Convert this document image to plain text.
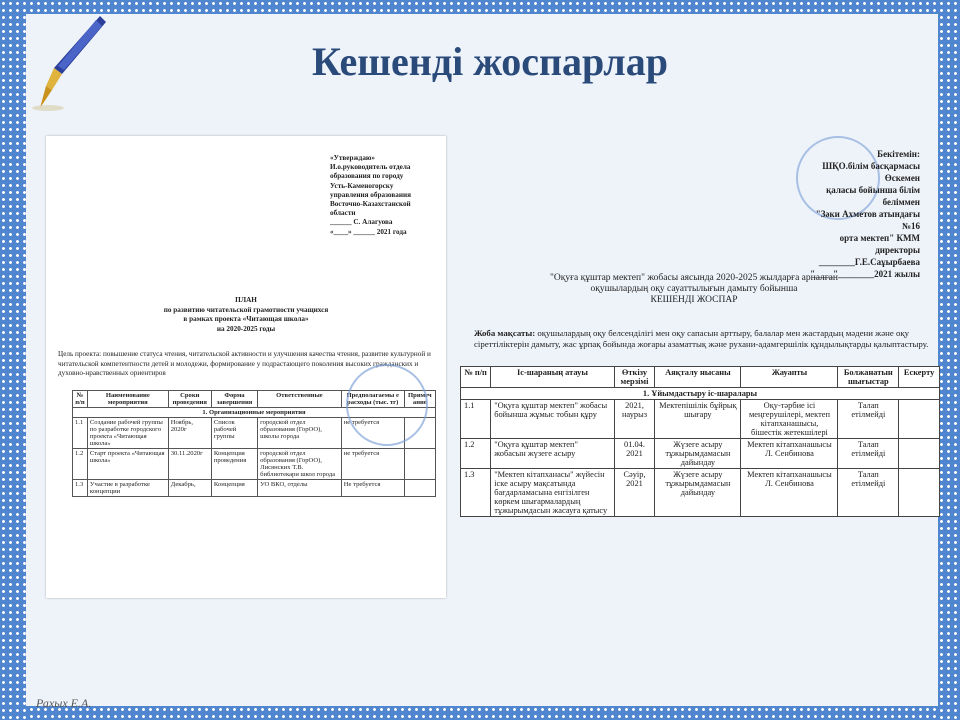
Кешенді жоспарлар
«Утверждаю»
И.о.руководитель отдела
образования по городу
Усть-Каменогорску
управления образования
Восточно-Казахстанской
области
______ С. Алагуова
«____» ______ 2021 года
ПЛАН
по развитию читательской грамотности учащихся
в рамках проекта «Читающая школа»
на 2020-2025 годы
Цель проекта: повышение статуса чтения, читательской активности и улучшения качества чтения, развитие культурной и читательской компетентности детей и молодежи, формирование у подрастающего поколения высоких гражданских и духовно-нравственных ориентиров
№ п/п	Наименование мероприятия	Сроки проведения	Форма завершения	Ответственные	Предполагаемы е расходы (тыс. тг)	Примеч ание
1. Организационные мероприятия						
1.1	Создание рабочей группы по разработке городского проекта «Читающая школа»	Ноябрь, 2020г	Список рабочей группы	городской отдел образования (ГорОО), школы города	не требуется	
1.2	Старт проекта «Читающая школа»	30.11.2020г	Концепция проведения	городской отдел образования (ГорОО), Лисянских Т.В. библиотекари школ города	не требуется	
1.3	Участие в разработке концепции	Декабрь,	Концепция	УО ВКО, отделы	Не требуется	
Бекітемін:
ШҚО.білім басқармасы Өскемен
қаласы бойынша білім беліммен
"Зәки Ахметов атындағы №16
орта мектеп" КММ директоры
________Г.Е.Саұырбаева
"____"________2021 жылы
"Оқуға құштар мектеп" жобасы аясында 2020-2025 жылдарға арналған
оқушылардың оқу сауаттылығын дамыту бойынша
КЕШЕНДІ ЖОСПАР
Жоба мақсаты: оқушылардың оқу белсенділігі мен оқу сапасын арттыру, балалар мен жастардың мәдени және оқу сіреттіліктерін дамыту, жас ұрпақ бойында жоғары азаматтық және рухани-адамгершілік құндылықтарды қалыптастыру.
№ п/п	Іс-шараның атауы	Өткізу мерзімі	Аяқталу нысаны	Жауапты	Болжанатын шығыстар	Ескерту
1. Ұйымдастыру іс-шаралары						
1.1	"Оқуға құштар мектеп" жобасы бойынша жұмыс тобын құру	2021, наурыз	Мектепішілік бұйрық шығару	Оқу-тәрбие ісі меңгерушілері, мектеп кітапханашысы, бiшестік жетекшілері	Талап етілмейді	
1.2	"Оқуға құштар мектеп" жобасын жүзеге асыру	01.04. 2021	Жүзеге асыру тұжырымдамасын дайындау	Мектеп кітапханашысы Л. Сенбинова	Талап етілмейді	
1.3	"Мектеп кітапханасы" жүйесін іске асыру мақсатында бағдарламасына енгізілген көркем шығармалардың тұжырымдасын жасауға қатысу	Сәуір, 2021	Жүзеге асыру тұжырымдамасын дайындау	Мектеп кітапханашысы Л. Сенбинова	Талап етілмейді	
Рахых Е.А.
